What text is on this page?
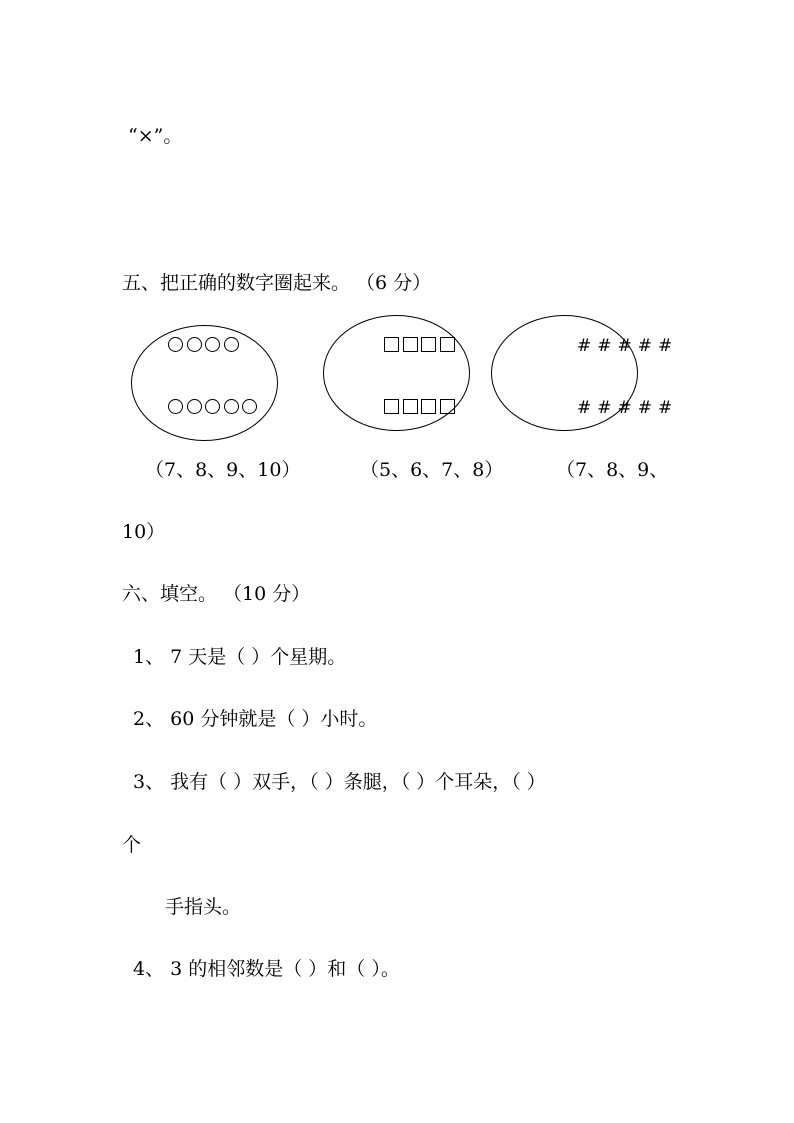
“×”。
五、把正确的数字圈起来。 （6 分）
（7、8、9、10）	（5、6、7、8）
# # # # #
# # # # #
（7、8、9、
10）
六、填空。 （10 分）
1、 7 天是（ ）个星期。
2、 60 分钟就是（ ）小时。
3、 我有（ ）双手，（ ）条腿，（ ）个耳朵，（ ）
个
手指头。
4、 3 的相邻数是（ ）和（ ）。
